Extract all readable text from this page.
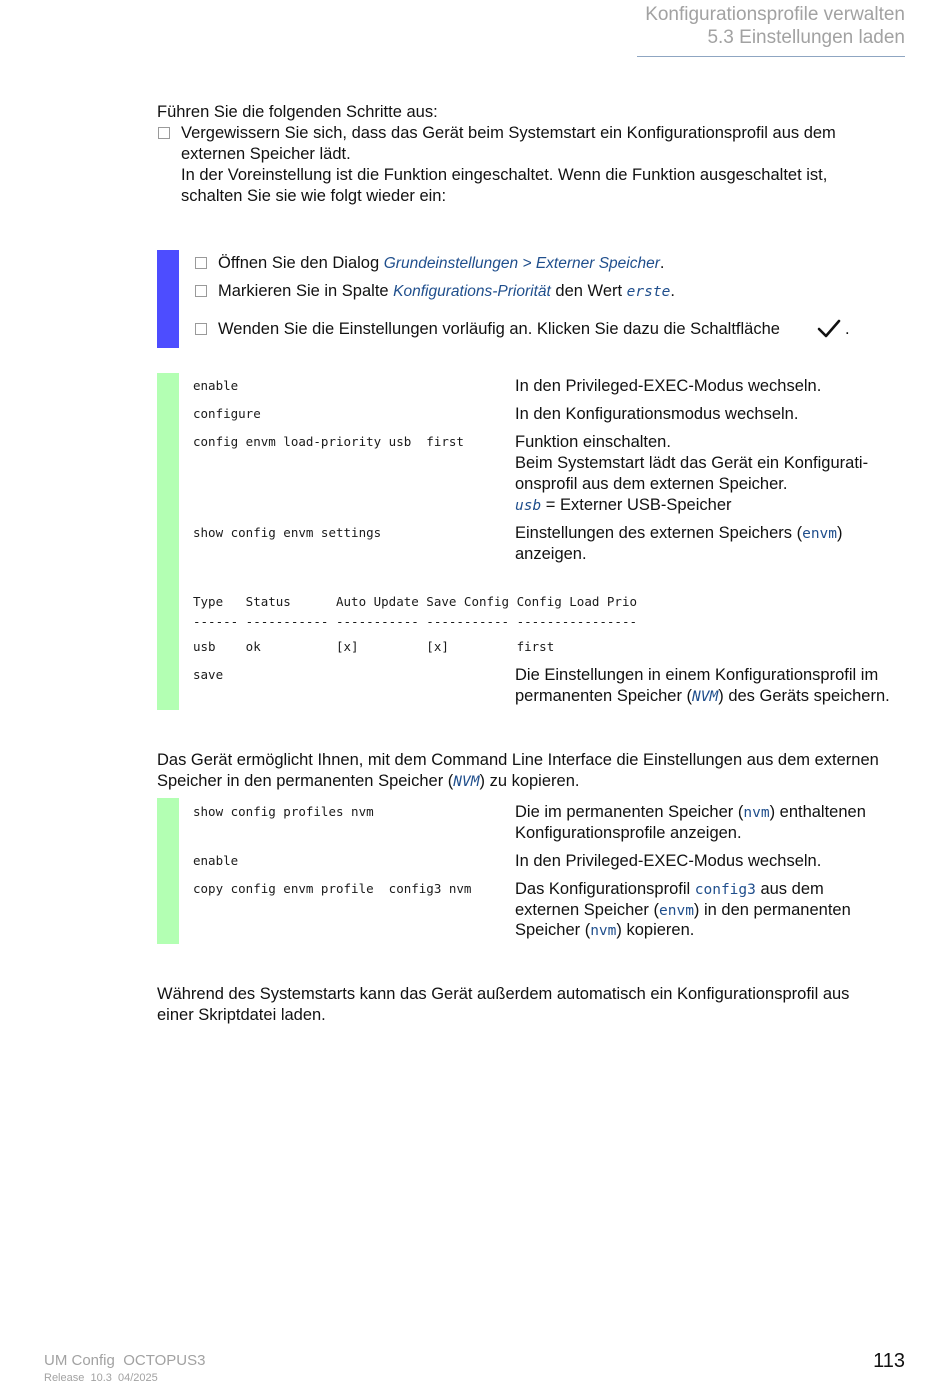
Konfigurationsprofile verwalten
5.3 Einstellungen laden
Führen Sie die folgenden Schritte aus:
Vergewissern Sie sich, dass das Gerät beim Systemstart ein Konfigurationsprofil aus dem
externen Speicher lädt.
In der Voreinstellung ist die Funktion eingeschaltet. Wenn die Funktion ausgeschaltet ist,
schalten Sie sie wie folgt wieder ein:
Öffnen Sie den Dialog Grundeinstellungen > Externer Speicher.
Markieren Sie in Spalte Konfigurations-Priorität den Wert erste.
Wenden Sie die Einstellungen vorläufig an. Klicken Sie dazu die Schaltfläche	.
enable	In den Privileged-EXEC-Modus wechseln.
configure	In den Konfigurationsmodus wechseln.
config envm load-priority usb  first	Funktion einschalten.
Beim Systemstart lädt das Gerät ein Konfigurati-
onsprofil aus dem externen Speicher.
usb = Externer USB-Speicher
show config envm settings	Einstellungen des externen Speichers (envm)
anzeigen.
Type   Status      Auto Update Save Config Config Load Prio
------ ----------- ----------- ----------- ----------------
usb    ok          [x]         [x]         first
save	Die Einstellungen in einem Konfigurationsprofil im
permanenten Speicher (NVM) des Geräts speichern.
Das Gerät ermöglicht Ihnen, mit dem Command Line Interface die Einstellungen aus dem externen
Speicher in den permanenten Speicher (NVM) zu kopieren.
show config profiles nvm	Die im permanenten Speicher (nvm) enthaltenen
Konfigurationsprofile anzeigen.
enable	In den Privileged-EXEC-Modus wechseln.
copy config envm profile  config3 nvm	Das Konfigurationsprofil config3 aus dem
externen Speicher (envm) in den permanenten
Speicher (nvm) kopieren.
Während des Systemstarts kann das Gerät außerdem automatisch ein Konfigurationsprofil aus
einer Skriptdatei laden.
UM Config  OCTOPUS3
Release  10.3  04/2025
113
